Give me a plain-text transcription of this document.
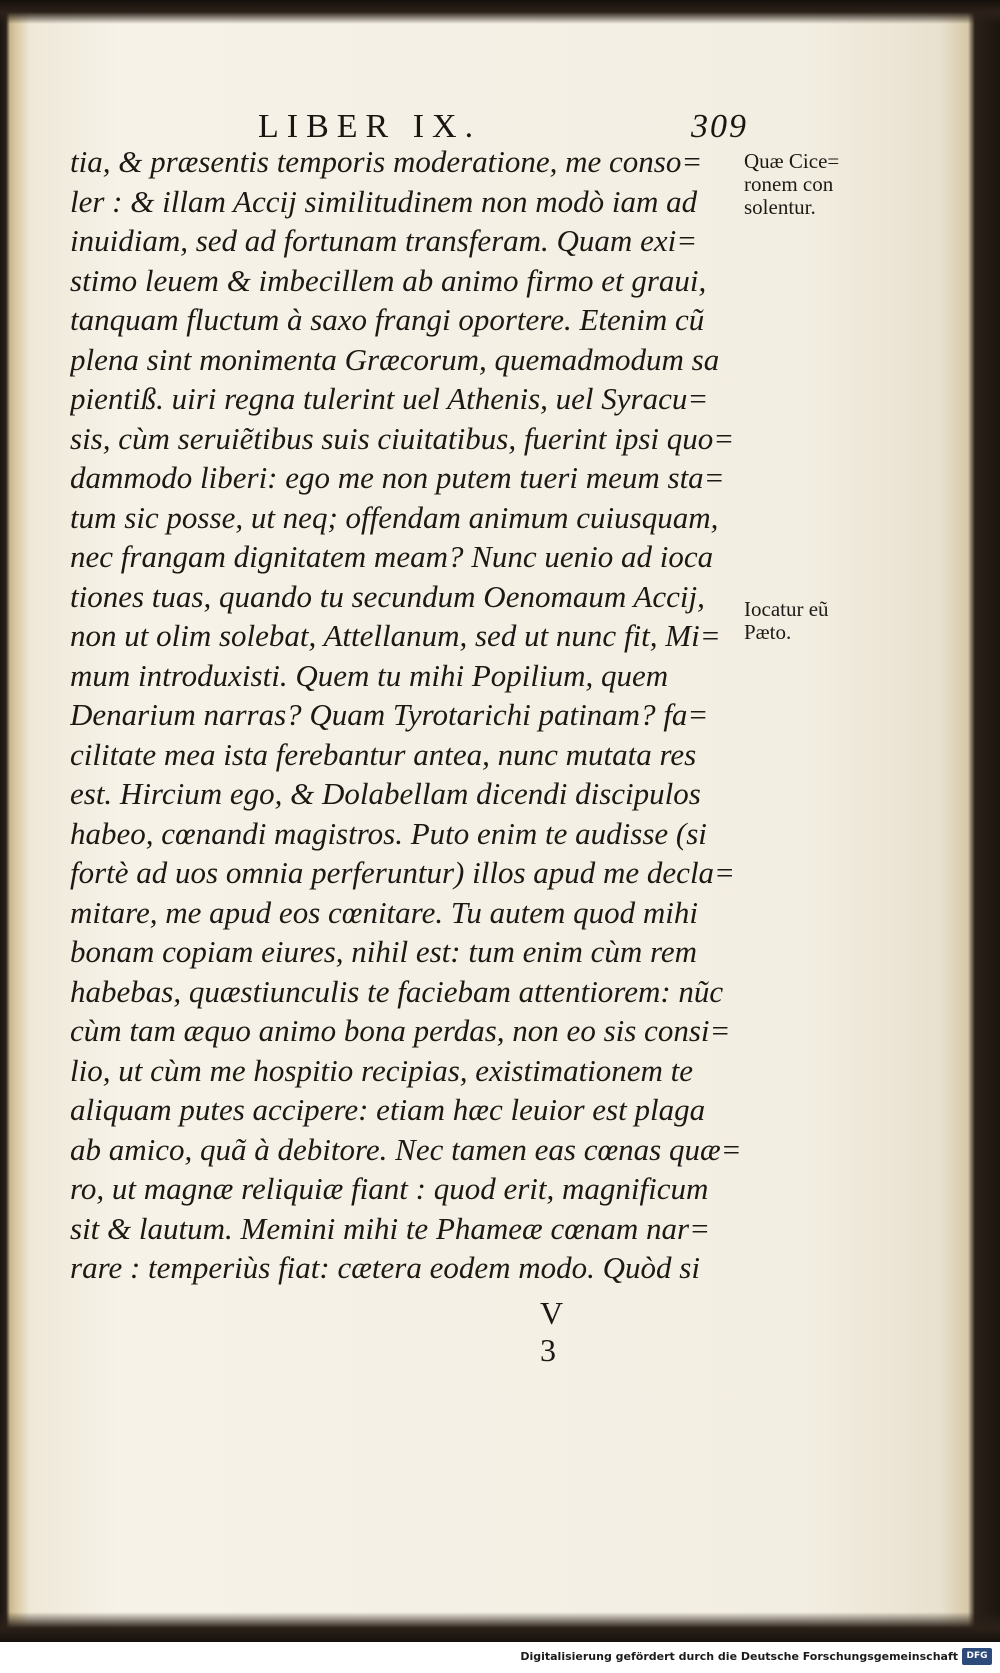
LIBER IX.	309
tia, & præsentis temporis moderatione, me conso=
ler : & illam Accij similitudinem non modò iam ad
inuidiam, sed ad fortunam transferam. Quam exi=
stimo leuem & imbecillem ab animo firmo et graui,
tanquam fluctum à saxo frangi oportere. Etenim cũ
plena sint monimenta Græcorum, quemadmodum sa
pientiß. uiri regna tulerint uel Athenis, uel Syracu=
sis, cùm seruiẽtibus suis ciuitatibus, fuerint ipsi quo=
dammodo liberi: ego me non putem tueri meum sta=
tum sic posse, ut neq; offendam animum cuiusquam,
nec frangam dignitatem meam? Nunc uenio ad ioca
tiones tuas, quando tu secundum Oenomaum Accij,
non ut olim solebat, Attellanum, sed ut nunc fit, Mi=
mum introduxisti. Quem tu mihi Popilium, quem
Denarium narras? Quam Tyrotarichi patinam? fa=
cilitate mea ista ferebantur antea, nunc mutata res
est. Hircium ego, & Dolabellam dicendi discipulos
habeo, cœnandi magistros. Puto enim te audisse (si
fortè ad uos omnia perferuntur) illos apud me decla=
mitare, me apud eos cœnitare. Tu autem quod mihi
bonam copiam eiures, nihil est: tum enim cùm rem
habebas, quæstiunculis te faciebam attentiorem: nũc
cùm tam æquo animo bona perdas, non eo sis consi=
lio, ut cùm me hospitio recipias, existimationem te
aliquam putes accipere: etiam hæc leuior est plaga
ab amico, quã à debitore. Nec tamen eas cœnas quæ=
ro, ut magnæ reliquiæ fiant : quod erit, magnificum
sit & lautum. Memini mihi te Phameæ cœnam nar=
rare : temperiùs fiat: cætera eodem modo. Quòd si
Quæ Cice=
ronem con
solentur.
Iocatur eũ
Pæto.
V 3
Digitalisierung gefördert durch die Deutsche Forschungsgemeinschaft DFG
